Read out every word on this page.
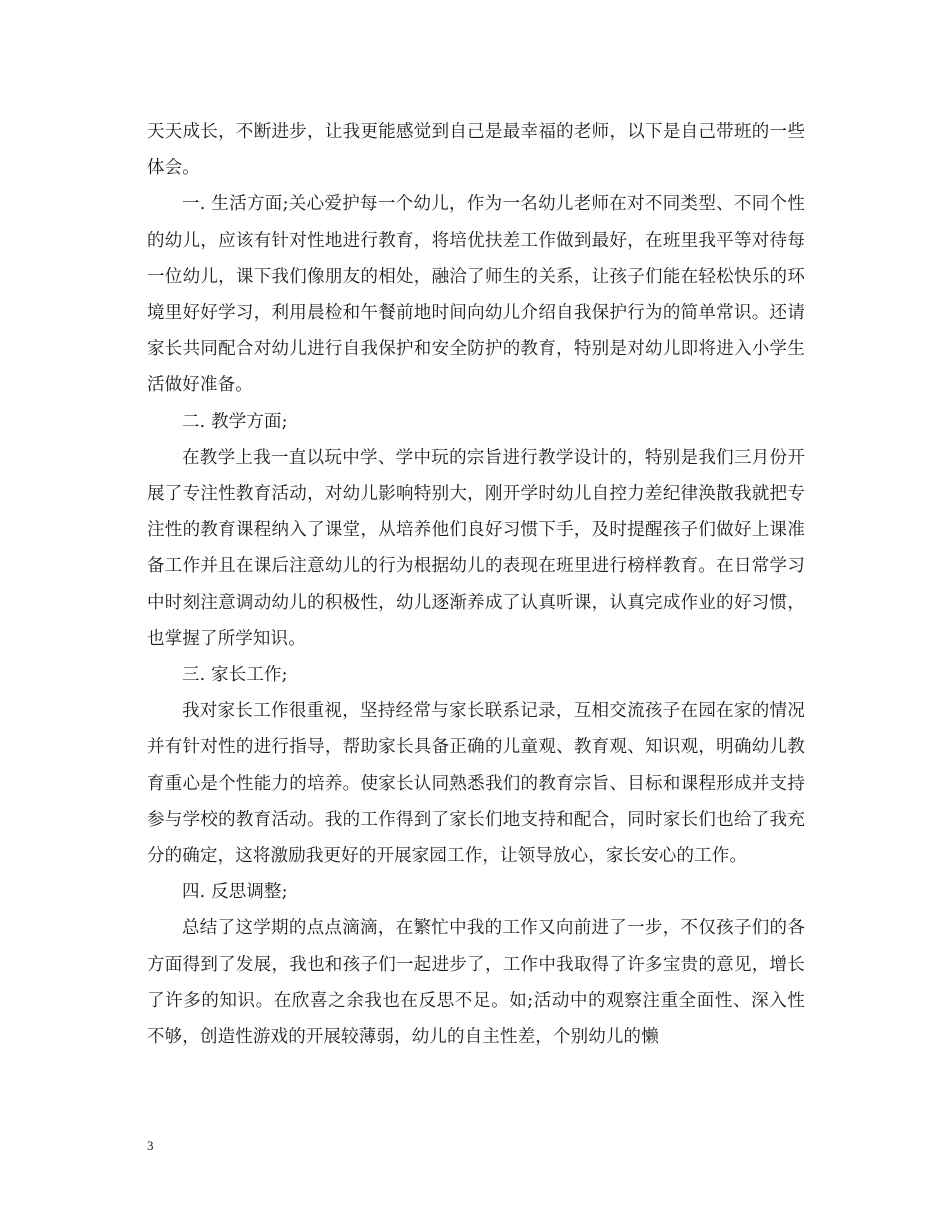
天天成长，不断进步，让我更能感觉到自己是最幸福的老师，以下是自己带班的一些体会。

一. 生活方面;关心爱护每一个幼儿，作为一名幼儿老师在对不同类型、不同个性的幼儿，应该有针对性地进行教育，将培优扶差工作做到最好，在班里我平等对待每一位幼儿，课下我们像朋友的相处，融洽了师生的关系，让孩子们能在轻松快乐的环境里好好学习，利用晨检和午餐前地时间向幼儿介绍自我保护行为的简单常识。还请家长共同配合对幼儿进行自我保护和安全防护的教育，特别是对幼儿即将进入小学生活做好准备。

二. 教学方面;

在教学上我一直以玩中学、学中玩的宗旨进行教学设计的，特别是我们三月份开展了专注性教育活动，对幼儿影响特别大，刚开学时幼儿自控力差纪律涣散我就把专注性的教育课程纳入了课堂，从培养他们良好习惯下手，及时提醒孩子们做好上课准备工作并且在课后注意幼儿的行为根据幼儿的表现在班里进行榜样教育。在日常学习中时刻注意调动幼儿的积极性，幼儿逐渐养成了认真听课，认真完成作业的好习惯，也掌握了所学知识。

三. 家长工作;

我对家长工作很重视，坚持经常与家长联系记录，互相交流孩子在园在家的情况并有针对性的进行指导，帮助家长具备正确的儿童观、教育观、知识观，明确幼儿教育重心是个性能力的培养。使家长认同熟悉我们的教育宗旨、目标和课程形成并支持参与学校的教育活动。我的工作得到了家长们地支持和配合，同时家长们也给了我充分的确定，这将激励我更好的开展家园工作，让领导放心，家长安心的工作。

四. 反思调整;

总结了这学期的点点滴滴，在繁忙中我的工作又向前进了一步，不仅孩子们的各方面得到了发展，我也和孩子们一起进步了，工作中我取得了许多宝贵的意见，增长了许多的知识。在欣喜之余我也在反思不足。如;活动中的观察注重全面性、深入性不够，创造性游戏的开展较薄弱，幼儿的自主性差，个别幼儿的懒

3
